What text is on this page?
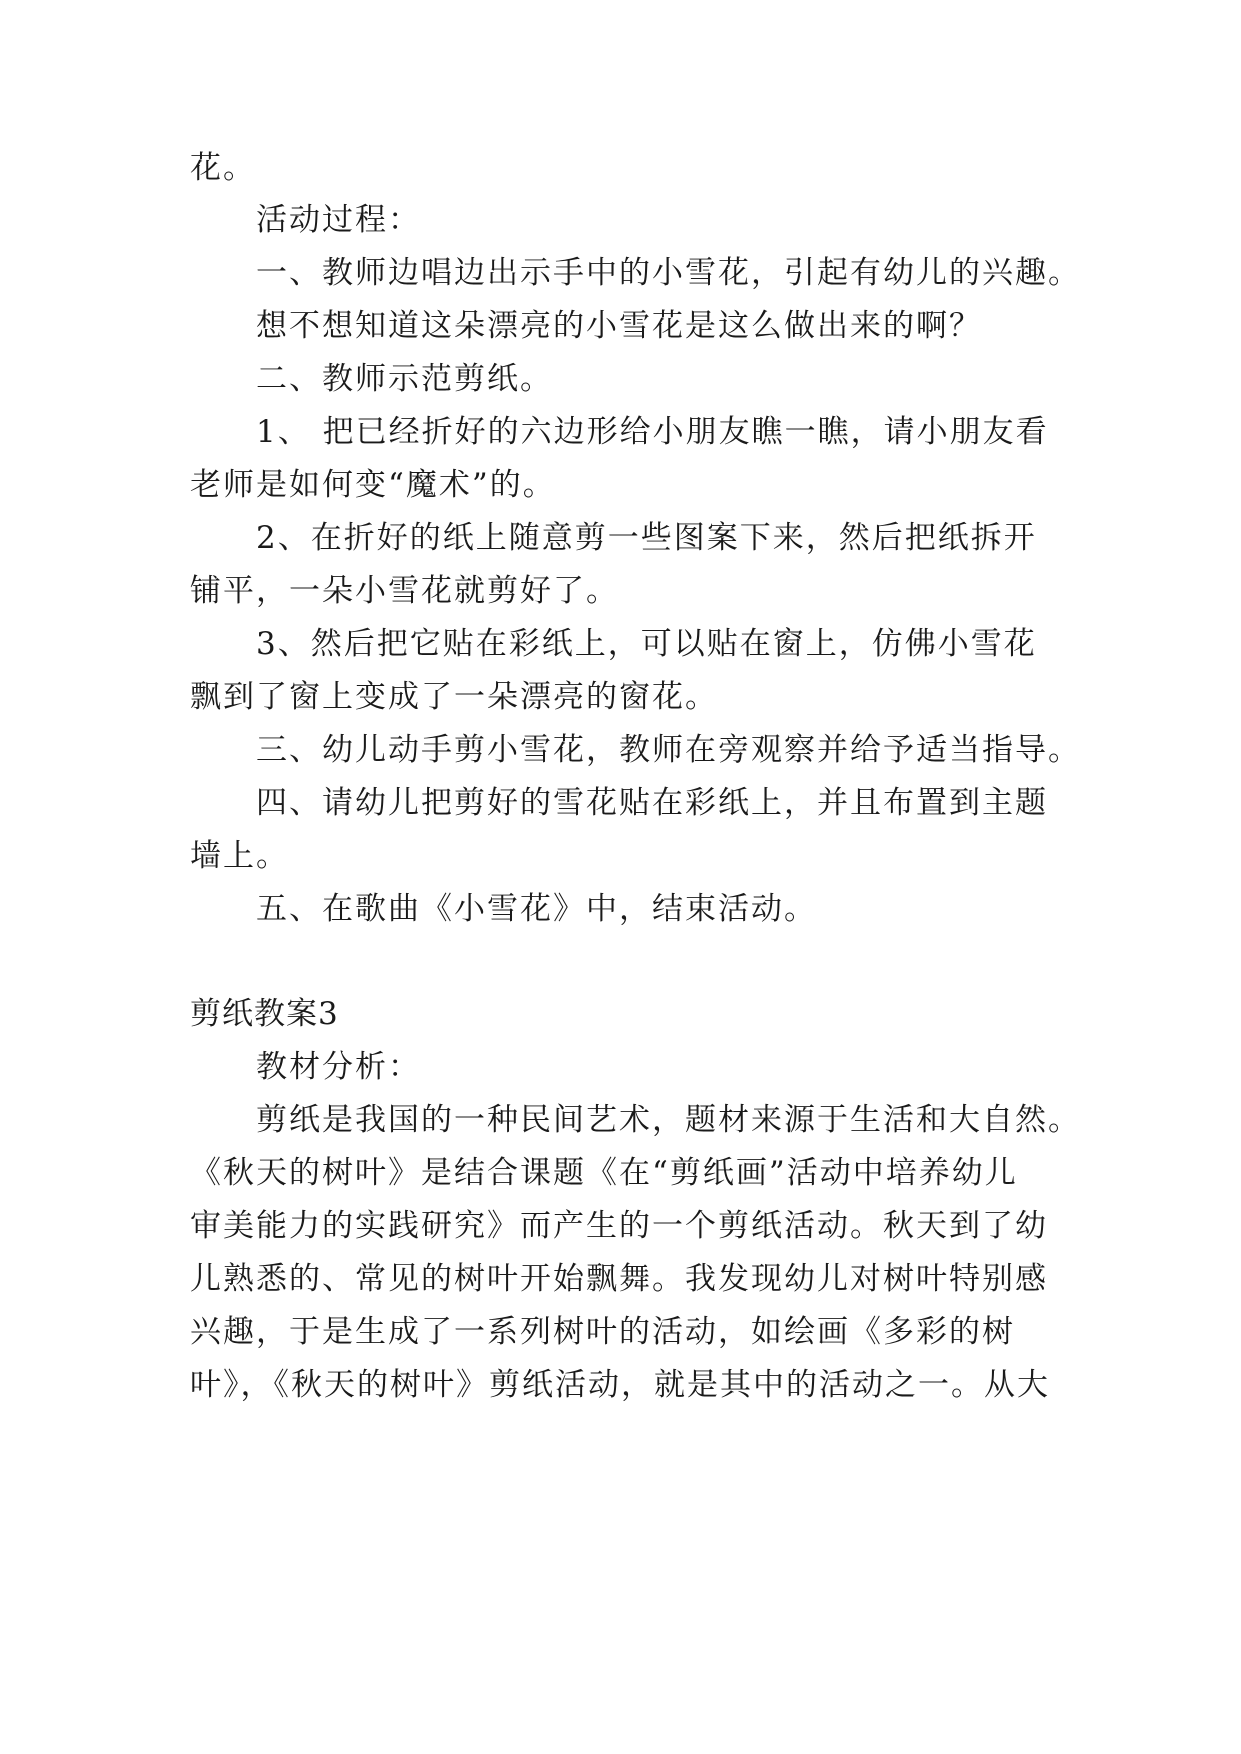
花。
活动过程：
一、教师边唱边出示手中的小雪花，引起有幼儿的兴趣。
想不想知道这朵漂亮的小雪花是这么做出来的啊？
二、教师示范剪纸。
1、 把已经折好的六边形给小朋友瞧一瞧，请小朋友看
老师是如何变“魔术”的。
2、在折好的纸上随意剪一些图案下来，然后把纸拆开
铺平，一朵小雪花就剪好了。
3、然后把它贴在彩纸上，可以贴在窗上，仿佛小雪花
飘到了窗上变成了一朵漂亮的窗花。
三、幼儿动手剪小雪花，教师在旁观察并给予适当指导。
四、请幼儿把剪好的雪花贴在彩纸上，并且布置到主题
墙上。
五、在歌曲《小雪花》中，结束活动。
剪纸教案3
教材分析：
剪纸是我国的一种民间艺术，题材来源于生活和大自然。
《秋天的树叶》是结合课题《在“剪纸画”活动中培养幼儿
审美能力的实践研究》而产生的一个剪纸活动。秋天到了幼
儿熟悉的、常见的树叶开始飘舞。我发现幼儿对树叶特别感
兴趣，于是生成了一系列树叶的活动，如绘画《多彩的树
叶》，《秋天的树叶》剪纸活动，就是其中的活动之一。从大
